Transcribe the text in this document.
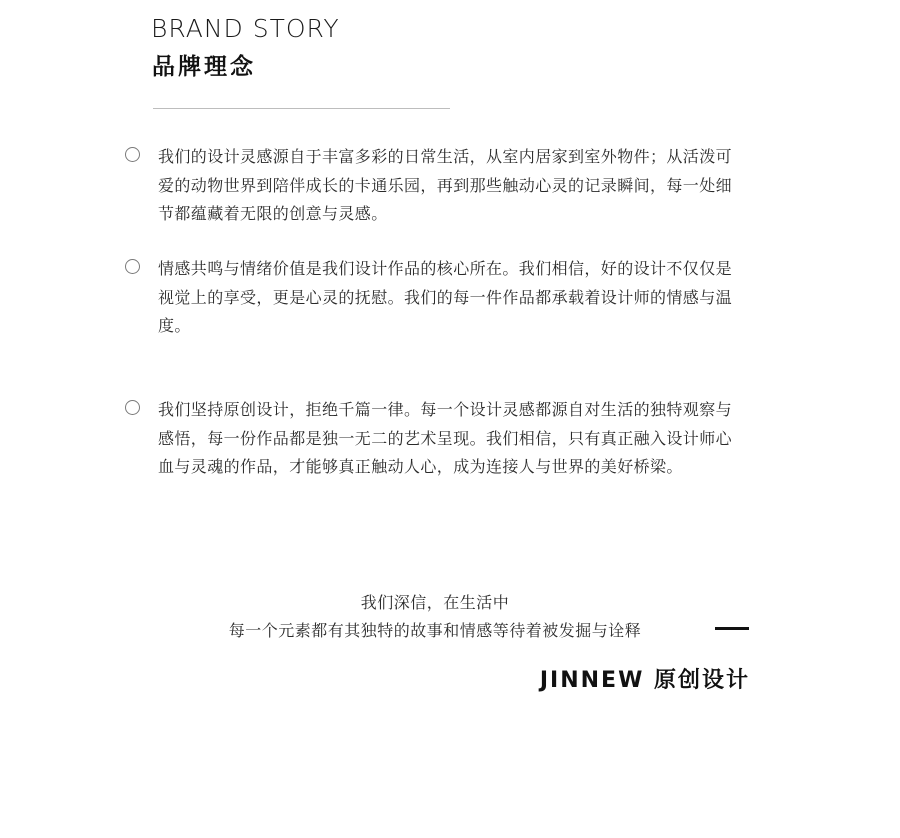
BRAND STORY
品牌理念
我们的设计灵感源自于丰富多彩的日常生活，从室内居家到室外物件；从活泼可爱的动物世界到陪伴成长的卡通乐园，再到那些触动心灵的记录瞬间，每一处细节都蕴藏着无限的创意与灵感。
情感共鸣与情绪价值是我们设计作品的核心所在。我们相信，好的设计不仅仅是视觉上的享受，更是心灵的抚慰。我们的每一件作品都承载着设计师的情感与温度。
我们坚持原创设计，拒绝千篇一律。每一个设计灵感都源自对生活的独特观察与感悟，每一份作品都是独一无二的艺术呈现。我们相信，只有真正融入设计师心血与灵魂的作品，才能够真正触动人心，成为连接人与世界的美好桥梁。
我们深信，在生活中
每一个元素都有其独特的故事和情感等待着被发掘与诠释
JINNEW 原创设计
